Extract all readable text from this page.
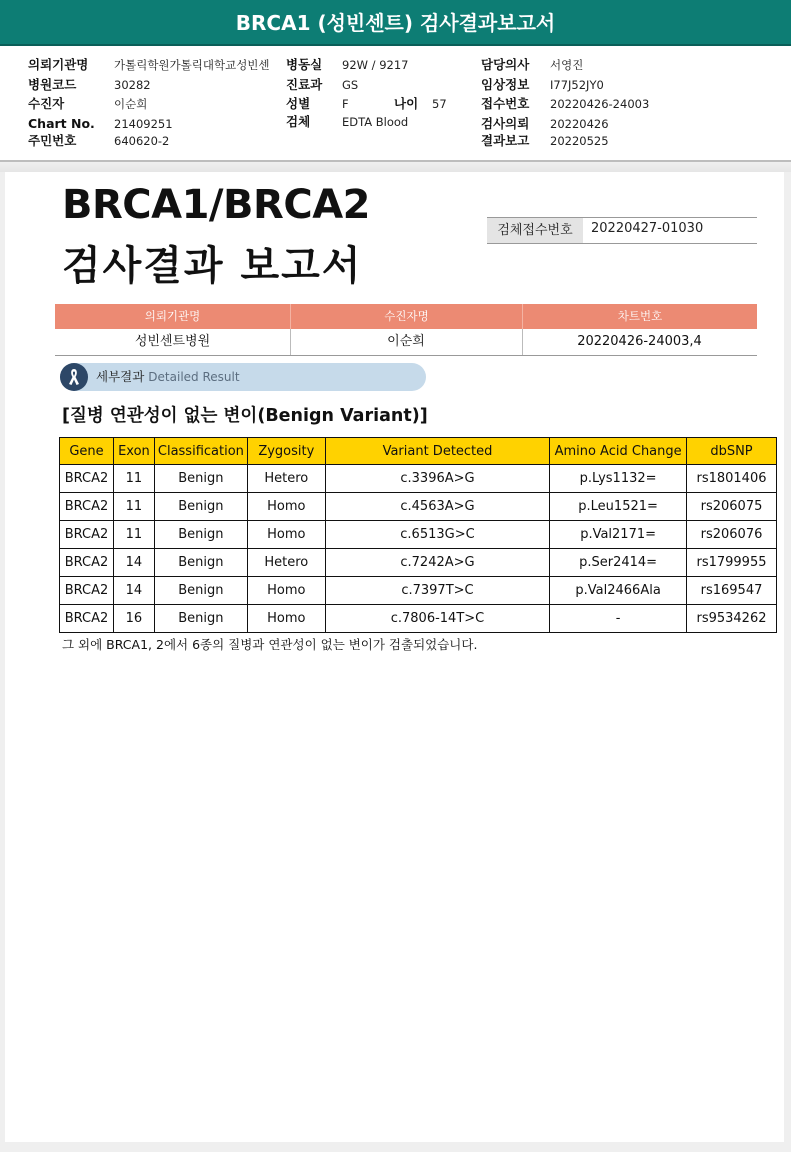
BRCA1 (성빈센트) 검사결과보고서
의뢰기관명 가톨릭학원가톨릭대학교성빈센
병원코드	30282
수진자	이순희
Chart No. 21409251
주민번호	640620-2
병동실 92W / 9217
진료과 GS
성별	F	나이 57
검체	EDTA Blood
담당의사 서영진
임상정보 I77J52JY0
접수번호 20220426-24003
검사의뢰 20220426
결과보고 20220525
BRCA1/BRCA2
검사결과 보고서
검체접수번호	20220427-01030
의뢰기관명	수진자명	차트번호
성빈센트병원	이순희	20220426-24003,4
세부결과 Detailed Result
[질병 연관성이 없는 변이(Benign Variant)]
Gene	Exon	Classification	Zygosity	Variant Detected	Amino Acid Change	dbSNP
BRCA2	11	Benign	Hetero	c.3396A>G	p.Lys1132=	rs1801406
BRCA2	11	Benign	Homo	c.4563A>G	p.Leu1521=	rs206075
BRCA2	11	Benign	Homo	c.6513G>C	p.Val2171=	rs206076
BRCA2	14	Benign	Hetero	c.7242A>G	p.Ser2414=	rs1799955
BRCA2	14	Benign	Homo	c.7397T>C	p.Val2466Ala	rs169547
BRCA2	16	Benign	Homo	c.7806-14T>C	-	rs9534262
그 외에 BRCA1, 2에서 6종의 질병과 연관성이 없는 변이가 검출되었습니다.
